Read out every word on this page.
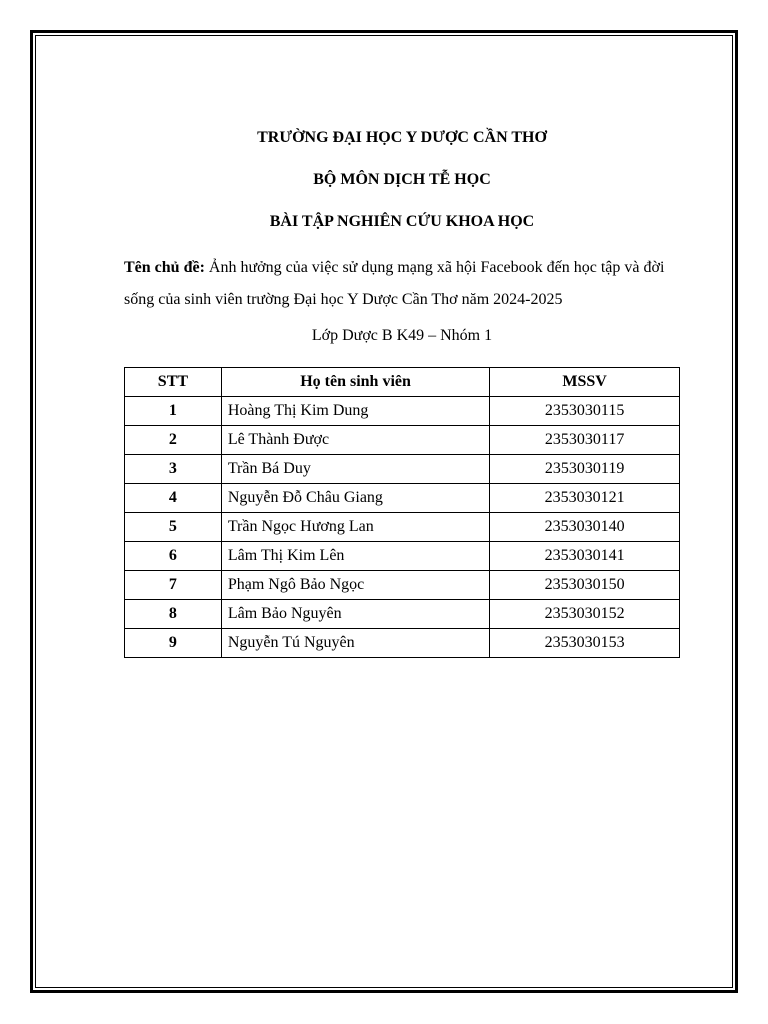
TRƯỜNG ĐẠI HỌC Y DƯỢC CẦN THƠ

BỘ MÔN DỊCH TỄ HỌC

BÀI TẬP NGHIÊN CỨU KHOA HỌC

Tên chủ đề: Ảnh hưởng của việc sử dụng mạng xã hội Facebook đến học tập và đời sống của sinh viên trường Đại học Y Dược Cần Thơ năm 2024-2025

Lớp Dược B K49 – Nhóm 1

STT	Họ tên sinh viên	MSSV
1	Hoàng Thị Kim Dung	2353030115
2	Lê Thành Được	2353030117
3	Trần Bá Duy	2353030119
4	Nguyễn Đỗ Châu Giang	2353030121
5	Trần Ngọc Hương Lan	2353030140
6	Lâm Thị Kim Lên	2353030141
7	Phạm Ngô Bảo Ngọc	2353030150
8	Lâm Bảo Nguyên	2353030152
9	Nguyễn Tú Nguyên	2353030153
